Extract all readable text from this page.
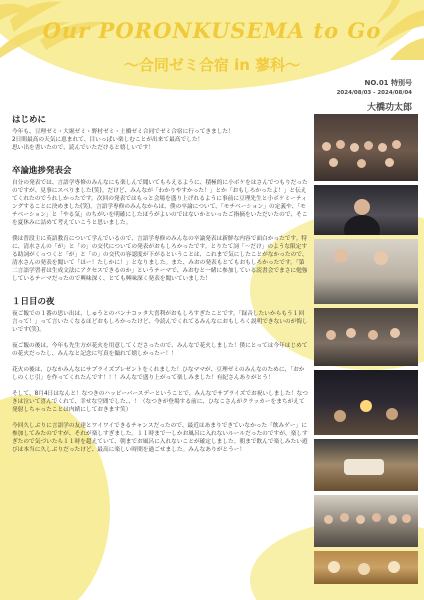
Our PORONKUSEMA to Go
〜合同ゼミ合宿 in 蓼科〜
NO.01 特別号
2024/08/03 - 2024/08/04
大橋功太郎
はじめに
今年も、豆理ゼミ・大堀ゼミ・野村ゼミ・土橋ゼミ合同でゼミ合宿に行ってきました！
2日間最高の天気に恵まれて、目いっぱい楽しむことが出来て最高でした！
思い出を書いたので、読んでいただけると嬉しいです！
卒論進捗発表会
自分の発表では、言語学専修のみんなにも楽しんで聞いてもらえるように、積極的に小ボケをはさんでつもりだったのですが、見事にスベりました(笑)。だけど、みんなが「わかりやすかった！」とか「おもしろかったよ！」と伝えてくれたのでうれしかったです。次回の発表ではもっと会場を盛り上げれるように事前に豆理先生と小ボケミーティングすることに決めました(笑)。言語学専修のみんなからは、僕の卒論について、「モチベーション」の定義や、「モチベーション」と「やる気」のちがいを明確にしたほうがよいのではないかといったご指摘をいただいたので、そこを夏休みに詰めて考えていこうと思いました。
僕は普段主に英語教育について学んでいるので、言語学専修のみんなの卒論発表は新鮮な内容で面白かったです。特に、清水さんの「が」と「の」の交代についての発表がおもしろかったです。とりたて詞「〜だけ」のような限定する助詞がくっつくと「が」と「の」の交代の容認度が下がるということは、これまで気にしたことがなかったので、清水さんの発表を聞いて「ほー！たしかに！」となりました。また、みおの発表もとてもおもしろかったです。「第二言語学習者は生成文法にアクセスできるのか」というテーマで、みおむと一緒に参加している読書会でまさに勉強しているテーマだったので興味深く、とても興味深く発表を聞いていました！
１日目の夜
夜ご飯での１番の思い出は、しゅうとのパンナコッタ大喜利がおもしろすぎたことです。「録音したいからもう１回言って！」って言いたくなるほどおもしろかったけど、今読んでくれてるみんなにおもしろく説明できないのが悔しいです(笑)。
夜ご飯の後は、今年も先生方が花火を用意してくださったので、みんなで花火しました！僕にとっては今年はじめての花火だったし、みんなと記念に写真を撮れて嬉しかったー！！
花火の後は、ひなかみんなにサプライズプレゼントをくれました！ひなママが、豆理ゼミのみんなのために、「おかしのくじ引」を作ってくれたんです！！！みんなで盛り上がって楽しみました！有紀さんありがとう！
そして、8月4日はなんと！なつきのハッピーバースデーということで、みんなでサプライズでお祝いしました！なつきは泣いて喜んでくれて、幸せな空間でした、、！（なつきが登場する前に、ひなこさんがクラッカーをまちがえて発射しちゃったことは内緒にしておきます笑）
今回久しぶりに言語学の友達とワイワイできるチャンスだったので、最近はあまりできていなかった「飲みゲー」に参加してみたのですが、それが楽しすぎました。１１時まで一しかお風呂に入れないルールだったのですが、楽しすぎたので気づいたら１１時を超えていて、朝までお風呂に入れないことが確定しました。朝まで飲んで楽しみたい遊びは本当に久しぶりだったけど、最高に楽しい時間を過ごせました。みんなありがとうー！
